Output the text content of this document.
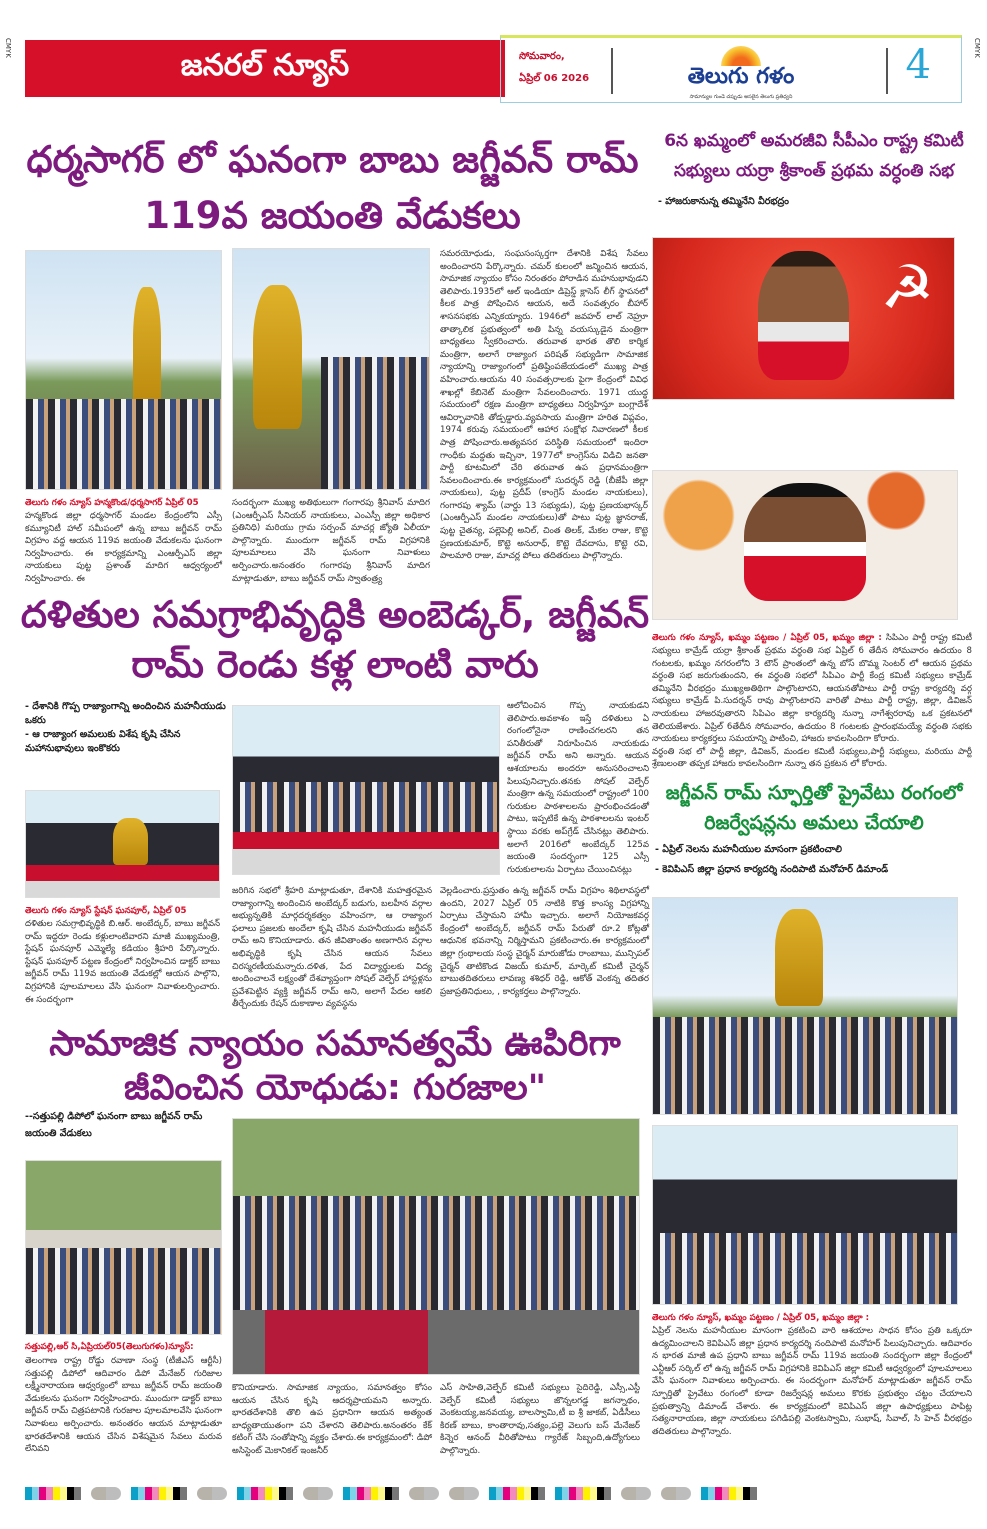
CMYK	CMYK
జనరల్ న్యూస్	సోమవారం,
ఏప్రిల్ 06 2026	తెలుగు గళం
సామాన్యుల గుండె చప్పుడు అసలైన తెలుగు ప్రతిధ్వని
4
ధర్మసాగర్ లో ఘనంగా బాబు జగ్జీవన్ రామ్ 119వ జయంతి వేడుకలు
తెలుగు గళం న్యూస్ హన్మకొండ/ధర్మసాగర్ ఏప్రిల్ 05
హన్మకొండ జిల్లా ధర్మసాగర్ మండల కేంద్రంలోని ఎస్సీ కమ్యూనిటీ హాల్ సమీపంలో ఉన్న బాబు జగ్జీవన్ రామ్ విగ్రహం వద్ద ఆయన 119వ జయంతి వేడుకలను ఘనంగా నిర్వహించారు. ఈ కార్యక్రమాన్ని ఎంఆర్పీఎస్ జిల్లా నాయకులు పుట్ట ప్రశాంత్ మాదిగ ఆధ్వర్యంలో నిర్వహించారు. ఈ
సందర్భంగా ముఖ్య అతిథులుగా గంగారపు శ్రీనివాస్ మాదిగ (ఎంఆర్పీఎస్ సీనియర్ నాయకులు, ఎంఎస్పీ జిల్లా అధికార ప్రతినిధి) మరియు గ్రామ సర్పంచ్ మాచర్ల జ్యోతి ఏలీయా పాల్గొన్నారు. ముందుగా జగ్జీవన్ రామ్ విగ్రహానికి పూలమాలలు వేసి ఘనంగా నివాళులు అర్పించారు.అనంతరం గంగారపు శ్రీనివాస్ మాదిగ మాట్లాడుతూ, బాబు జగ్జీవన్ రామ్ స్వాతంత్ర్య
సమరయోధుడు, సంఘసంస్కర్తగా దేశానికి విశేష సేవలు అందించారని పేర్కొన్నారు. చమర్ కులంలో జన్మించిన ఆయన, సామాజిక న్యాయం కోసం నిరంతరం పోరాడిన మహనుభావుడని తెలిపారు.1935లో ఆల్ ఇండియా డిప్రెస్డ్ క్లాసెస్ లీగ్ స్థాపనలో కీలక పాత్ర పోషించిన ఆయన, అదే సంవత్సరం బీహార్ శాసనసభకు ఎన్నికయ్యారు. 1946లో జవహర్ లాల్ నెహ్రూ తాత్కాలిక ప్రభుత్వంలో అతి పిన్న వయస్కుడైన మంత్రిగా బాధ్యతలు స్వీకరించారు. తరువాత భారత తొలి కార్మిక మంత్రిగా, అలాగే రాజ్యాంగ పరిషత్ సభ్యుడిగా సామాజిక న్యాయాన్ని రాజ్యాంగంలో ప్రతిష్ఠింపజేయడంలో ముఖ్య పాత్ర వహించారు.ఆయను 40 సంవత్సరాలకు పైగా కేంద్రంలో వివిధ శాఖల్లో కేబినెట్ మంత్రిగా సేవలందించారు. 1971 యుద్ధ సమయంలో రక్షణ మంత్రిగా బాధ్యతలు నిర్వహిస్తూ బంగ్లాదేశ్ ఆవిర్భావానికి తోడ్పడ్డారు.వ్యవసాయ మంత్రిగా హరిత విప్లవం, 1974 కరువు సమయంలో ఆహార సంక్షోభ నివారణలో కీలక పాత్ర పోషించారు.అత్యవసర పరిస్థితి సమయంలో ఇందిరా గాంధీకు మద్దతు ఇచ్చినా, 1977లో కాంగ్రెస్‌ను విడిచి జనతా పార్టీ కూటమిలో చేరి తరువాత ఉప ప్రధానమంత్రిగా సేవలందించారు.ఈ కార్యక్రమంలో సుదర్శన్ రెడ్డి (బీజేపీ జిల్లా నాయకులు), పుట్ట ప్రదీప్ (కాంగ్రెస్ మండల నాయకులు), గంగారపు శ్యామ్ (వార్డు 13 సభ్యుడు), పుట్ట ప్రణయభాస్కర్ (ఎంఆర్పీఎస్ మండల నాయకులు)తో పాటు పుట్ట జ్ఞానరాజ్, పుట్ట చైతన్య, పల్లెపెల్లి అనిల్, చింత తిలక్, మేకల రాజు, కొట్టె ప్రణయకుమార్, కొట్టె అనురాధ్, కొట్టె దేవదాసు, కొట్టె రవి, పాలమారి రాజు, మాచర్ల పోలు తదితరులు పాల్గొన్నారు.
6న ఖమ్మంలో అమరజీవి సీపీఎం రాష్ట్ర కమిటీ సభ్యులు యర్రా శ్రీకాంత్ ప్రథమ వర్ధంతి సభ
- హాజరుకానున్న తమ్మినేని వీరభద్రం
☭
తెలుగు గళం న్యూస్, ఖమ్మం పట్టణం / ఏప్రిల్ 05, ఖమ్మం జిల్లా : సిపిఎం పార్టీ రాష్ట్ర కమిటీ సభ్యులు కామ్రేడ్ యర్రా శ్రీకాంత్ ప్రథమ వర్ధంతి సభ ఏప్రిల్ 6 తేదీన సోమవారం ఉదయం 8 గంటలకు, ఖమ్మం నగరంలోని 3 టౌన్ ప్రాంతంలో ఉన్న బోస్ బొమ్మ సెంటర్ లో ఆయన ప్రథమ వర్ధంతి సభ జరుగుతుందని, ఈ వర్ధంతి సభలో సిపిఎం పార్టీ కేంద్ర కమిటీ సభ్యులు కామ్రేడ్ తమ్మినేని వీరభద్రం ముఖ్యఅతిథిగా పాల్గొంటారని, ఆయనతోపాటు పార్టీ రాష్ట్ర కార్యదర్శి వర్గ సభ్యులు కామ్రేడ్ పి.సుదర్శన్ రావు పాల్గొంటారని వారితో పాటు పార్టీ రాష్ట్ర, జిల్లా, డివిజన్ నాయకులు హాజరవుతారని సిపిఎం జిల్లా కార్యదర్శి నున్నా నాగేశ్వరరావు ఒక ప్రకటనలో తెలియజేశారు. ఏప్రిల్ 6తేదీన సోమవారం, ఉదయం 8 గంటలకు ప్రారంభమయ్యే వర్ధంతి సభకు నాయకులు కార్యకర్తలు సమయాన్ని పాటించి, హాజరు కావలసిందిగా కోరారు.
వర్ధంతి సభ లో పార్టీ జిల్లా, డివిజన్, మండల కమిటీ సభ్యులు,పార్టీ సభ్యులు, మరియు పార్టీ శ్రేణులంతా తప్పక హాజరు కావలసిందిగా నున్నా తన ప్రకటన లో కోరారు.
దళితుల సమగ్రాభివృద్ధికి అంబెడ్కర్, జగ్జీవన్ రామ్ రెండు కళ్ల లాంటి వారు
- దేశానికి గొప్ప రాజ్యాంగాన్ని అందించిన మహనీయుడు ఒకరు
- ఆ రాజ్యాంగ అమలుకు విశేష కృషి చేసిన మహానుభావులు ఇంకొకరు
తెలుగు గళం న్యూస్ స్టేషన్ ఘనపూర్, ఏప్రిల్ 05
దళితుల సమగ్రాభివృద్ధికి బి.ఆర్. అంబేద్కర్, బాబు జగ్జీవన్ రామ్ ఇద్దరూ రెండు కళ్లులాంటివారని మాజీ ముఖ్యమంత్రి, స్టేషన్ ఘనపూర్ ఎమ్మెల్యే కడియం శ్రీహరి పేర్కొన్నారు. స్టేషన్ ఘనపూర్ పట్టణ కేంద్రంలో నిర్వహించిన డాక్టర్ బాబు జగ్జీవన్ రామ్ 119వ జయంతి వేడుకల్లో ఆయన పాల్గొని, విగ్రహానికి పూలమాలలు వేసి ఘనంగా నివాళులర్పించారు. ఈ సందర్భంగా
ఆలోచించిన గొప్ప నాయకుడని తెలిపారు.అవకాశం ఇస్తే దళితులు ఏ రంగంలోనైనా రాణించగలరని తన పనితీరుతో నిరూపించిన నాయకుడు జగ్జీవన్ రామ్ అని అన్నారు. ఆయన ఆశయాలను అందరూ అనుసరించాలని పిలుపునిచ్చారు.తనకు సోషల్ వెల్ఫేర్ మంత్రిగా ఉన్న సమయంలో రాష్ట్రంలో 100 గురుకుల పాఠశాలలను ప్రారంభించడంతో పాటు, ఇప్పటికే ఉన్న పాఠశాలలను ఇంటర్ స్థాయి వరకు అప్‌గ్రేడ్ చేసినట్లు తెలిపారు. అలాగే 2016లో అంబేద్కర్ 125వ జయంతి సందర్భంగా 125 ఎస్సీ గురుకులాలను ఏర్పాటు చేయించినట్లు
జరిగిన సభలో శ్రీహరి మాట్లాడుతూ, దేశానికి మహత్తరమైన రాజ్యాంగాన్ని అందించిన అంబేద్కర్ బడుగు, బలహీన వర్గాల అభ్యున్నతికి మార్గదర్శకత్వం వహించగా, ఆ రాజ్యాంగ ఫలాలు ప్రజలకు అందేలా కృషి చేసిన మహనీయుడు జగ్జీవన్ రామ్ అని కొనియాడారు. తన జీవితాంతం అణగారిన వర్గాల అభివృద్ధికి కృషి చేసిన ఆయన సేవలు చిరస్మరణీయమన్నారు.దళిత, పేద విద్యార్థులకు విద్య అందించాలనే లక్ష్యంతో దేశవ్యాప్తంగా సోషల్ వెల్ఫేర్ హాస్టళ్లను ప్రవేశపెట్టిన వ్యక్తి జగ్జీవన్ రామ్ అని, అలాగే పేదల ఆకలి తీర్చేందుకు రేషన్ దుకాణాల వ్యవస్థను
వెల్లడించారు.ప్రస్తుతం ఉన్న జగ్జీవన్ రామ్ విగ్రహం శిథిలావస్థలో ఉందని, 2027 ఏప్రిల్ 05 నాటికి కొత్త కాంస్య విగ్రహాన్ని ఏర్పాటు చేస్తామని హామీ ఇచ్చారు. అలాగే నియోజకవర్గ కేంద్రంలో అంబేద్కర్, జగ్జీవన్ రామ్ పేరుతో రూ.2 కోట్లతో ఆధునిక భవనాన్ని నిర్మిస్తామని ప్రకటించారు.ఈ కార్యక్రమంలో జిల్లా గ్రంథాలయ సంస్థ చైర్మన్ మారుజోడు రాంబాబు, మున్సిపల్ చైర్మన్ తాటికొండ విజయ్ కుమార్, మార్కెట్ కమిటీ చైర్మన్ బాబుతదితరులు లావణ్య శశిధర్ రెడ్డి, ఆకోత్ వెంకన్న తదితర ప్రజాప్రతినిధులు, , కార్యకర్తలు పాల్గొన్నారు.
జగ్జీవన్ రామ్ స్ఫూర్తితో ప్రైవేటు రంగంలో రిజర్వేషన్లను అమలు చేయాలి
- ఏప్రిల్ నెలను మహనీయుల మాసంగా ప్రకటించాలి
- కెవిపిఎస్ జిల్లా ప్రధాన కార్యదర్శి నందిపాటి మనోహర్ డిమాండ్
తెలుగు గళం న్యూస్, ఖమ్మం పట్టణం / ఏప్రిల్ 05, ఖమ్మం జిల్లా :
ఏప్రిల్ నెలను మహనీయుల మాసంగా ప్రకటించి వారి ఆశయాల సాధన కోసం ప్రతి ఒక్కరూ ఉద్యమించాలని కెవిపిఎస్ జిల్లా ప్రధాన కార్యదర్శి నందిపాటి మనోహర్ పిలుపునిచ్చారు. ఆదివారం న భారత మాజీ ఉప ప్రధాని బాబు జగ్జీవన్ రామ్ 119వ జయంతి సందర్భంగా జిల్లా కేంద్రంలో ఎన్టీఆర్ సర్కిల్ లో ఉన్న జగ్జీవన్ రామ్ విగ్రహానికి కెవిపిఎస్ జిల్లా కమిటీ ఆధ్వర్యంలో పూలమాలలు వేసి ఘనంగా నివాళులు అర్పించారు. ఈ సందర్భంగా మనోహర్ మాట్లాడుతూ జగ్జీవన్ రామ్ స్ఫూర్తితో ప్రైవేటు రంగంలో కూడా రిజర్వేషన్ల అమలు కొరకు ప్రభుత్వం చట్టం చేయాలని ప్రభుత్వాన్ని డిమాండ్ చేశారు. ఈ కార్యక్రమంలో కెవిపిఎస్ జిల్లా ఉపాధ్యక్షులు పాపిట్ల సత్యనారాయణ, జిల్లా నాయకులు పగిడిపల్లి వెంకటస్వామి, సుభాష్, సివాల్, సి హెచ్ వీరభద్రం తదితరులు పాల్గొన్నారు.
సామాజిక న్యాయం సమానత్వమే ఊపిరిగా జీవించిన యోధుడు: గురజాల"
--సత్తుపల్లి డిపోలో ఘనంగా బాబు జగ్జీవన్ రామ్ జయంతి వేడుకలు
సత్తుపల్లి,ఆర్ సి,ఏప్రియల్05(తెలుగుగళం)న్యూస్:
తెలంగాణ రాష్ట్ర రోడ్డు రవాణా సంస్థ (టీజీఎస్ ఆర్టీసీ) సత్తుపల్లి డిపోలో ఆదివారం డిపో మేనేజర్ గురిజాల లక్ష్మీనారాయణ ఆధ్వర్యంలో బాబు జగ్జీవన్ రామ్ జయంతి వేడుకలను ఘనంగా నిర్వహించారు. ముందుగా డాక్టర్ బాబు జగ్జీవన్ రామ్ చిత్రపటానికి గురజాల పూలమాలవేసి ఘనంగా నివాళులు అర్పించారు. అనంతరం ఆయన మాట్లాడుతూ భారతదేశానికి ఆయన చేసిన విశేషమైన సేవలు మరువ లేనివని
కొనియాడారు. సామాజిక న్యాయం, సమానత్వం కోసం ఆయన చేసిన కృషి ఆదర్శప్రాయమని అన్నారు. భారతదేశానికి తొలి ఉప ప్రధానిగా ఆయన అత్యంత బాధ్యతాయుతంగా పని చేశారని తెలిపారు.అనంతరం కేక్ కటింగ్ చేసి సంతోషాన్ని వ్యక్తం చేశారు.ఈ కార్యక్రమంలో: డిపో అసిస్టెంట్ మెకానికల్ ఇంజనీర్
ఎస్ సాహితి,వెల్ఫేర్ కమిటీ సభ్యులు సైదిరెడ్డి, ఎస్సీ,ఎస్టీ వెల్ఫేర్ కమిటీ సభ్యులు జొన్నలగడ్డ జగన్నాథం, వెంకటయ్య,జనవయ్య, బాలస్వామి,టీ ఐ శ్రీ జాకబ్, ఏడీసీలు కిరణ్ బాబు, కాంతారావు,సత్యం,పల్లె వెలుగు బస్ మేనేజర్ కిన్నెర ఆనంద్ వీరితోపాటు గ్యారేజ్ సిబ్బంది,ఉద్యోగులు పాల్గొన్నారు.
